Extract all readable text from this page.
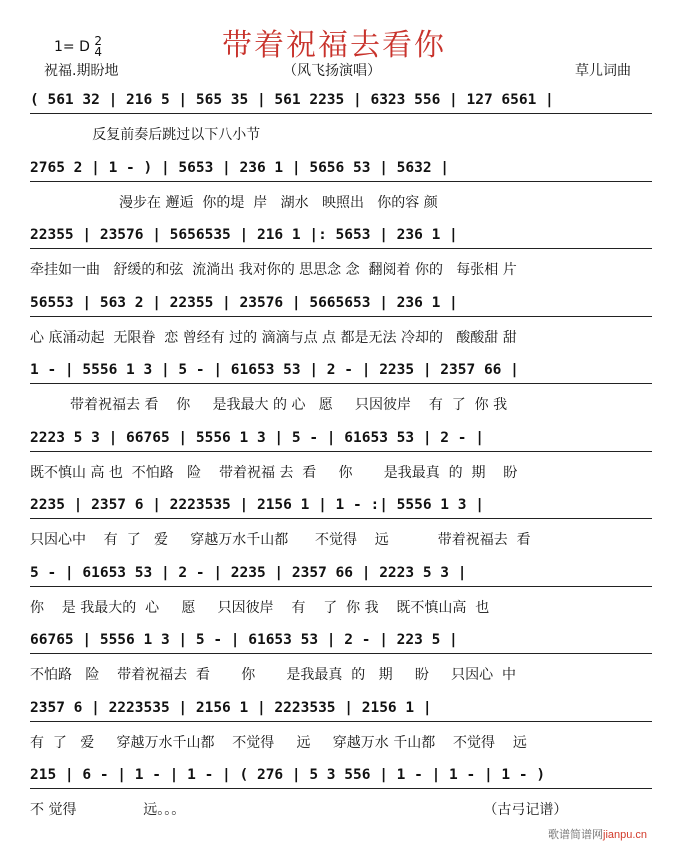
1= D 2
4	带着祝福去看你
祝福.期盼地	（风飞扬演唱）	草儿词曲
( 561 32 | 216 5 | 565 35 | 561 2235 | 6323 556 | 127 6561 |
反复前奏后跳过以下八小节
2765 2 | 1 - ) | 5653 | 236 1 | 5656 53 | 5632 |
漫步在 邂逅  你的堤  岸   湖水   映照出   你的容 颜
22355 | 23576 | 5656535 | 216 1 |: 5653 | 236 1 |
牵挂如一曲   舒缓的和弦  流淌出 我对你的 思思念 念  翻阅着 你的   每张相 片
56553 | 563 2 | 22355 | 23576 | 5665653 | 236 1 |
心 底涌动起  无限眷  恋 曾经有 过的 滴滴与点 点 都是无法 冷却的   酸酸甜 甜
1 - | 5556 1 3 | 5 - | 61653 53 | 2 - | 2235 | 2357 66 |
带着祝福去 看    你     是我最大 的 心   愿     只因彼岸    有  了  你 我
2223 5 3 | 66765 | 5556 1 3 | 5 - | 61653 53 | 2 - |
既不慎山 高 也  不怕路   险    带着祝福 去  看     你       是我最真  的  期    盼
2235 | 2357 6 | 2223535 | 2156 1 | 1 - :| 5556 1 3 |
只因心中    有  了   爱     穿越万水千山都      不觉得    远           带着祝福去  看
5 - | 61653 53 | 2 - | 2235 | 2357 66 | 2223 5 3 |
你    是 我最大的  心     愿     只因彼岸    有    了  你 我    既不慎山高  也
66765 | 5556 1 3 | 5 - | 61653 53 | 2 - | 223 5 |
不怕路   险    带着祝福去  看       你       是我最真  的   期     盼     只因心  中
2357 6 | 2223535 | 2156 1 | 2223535 | 2156 1 |
有  了   爱     穿越万水千山都    不觉得     远     穿越万水 千山都    不觉得    远
215 | 6 - | 1 - | 1 - | ( 276 | 5 3 556 | 1 - | 1 - | 1 - )
不 觉得               远。。。                                                                   （古弓记谱）
歌谱简谱网jianpu.cn
